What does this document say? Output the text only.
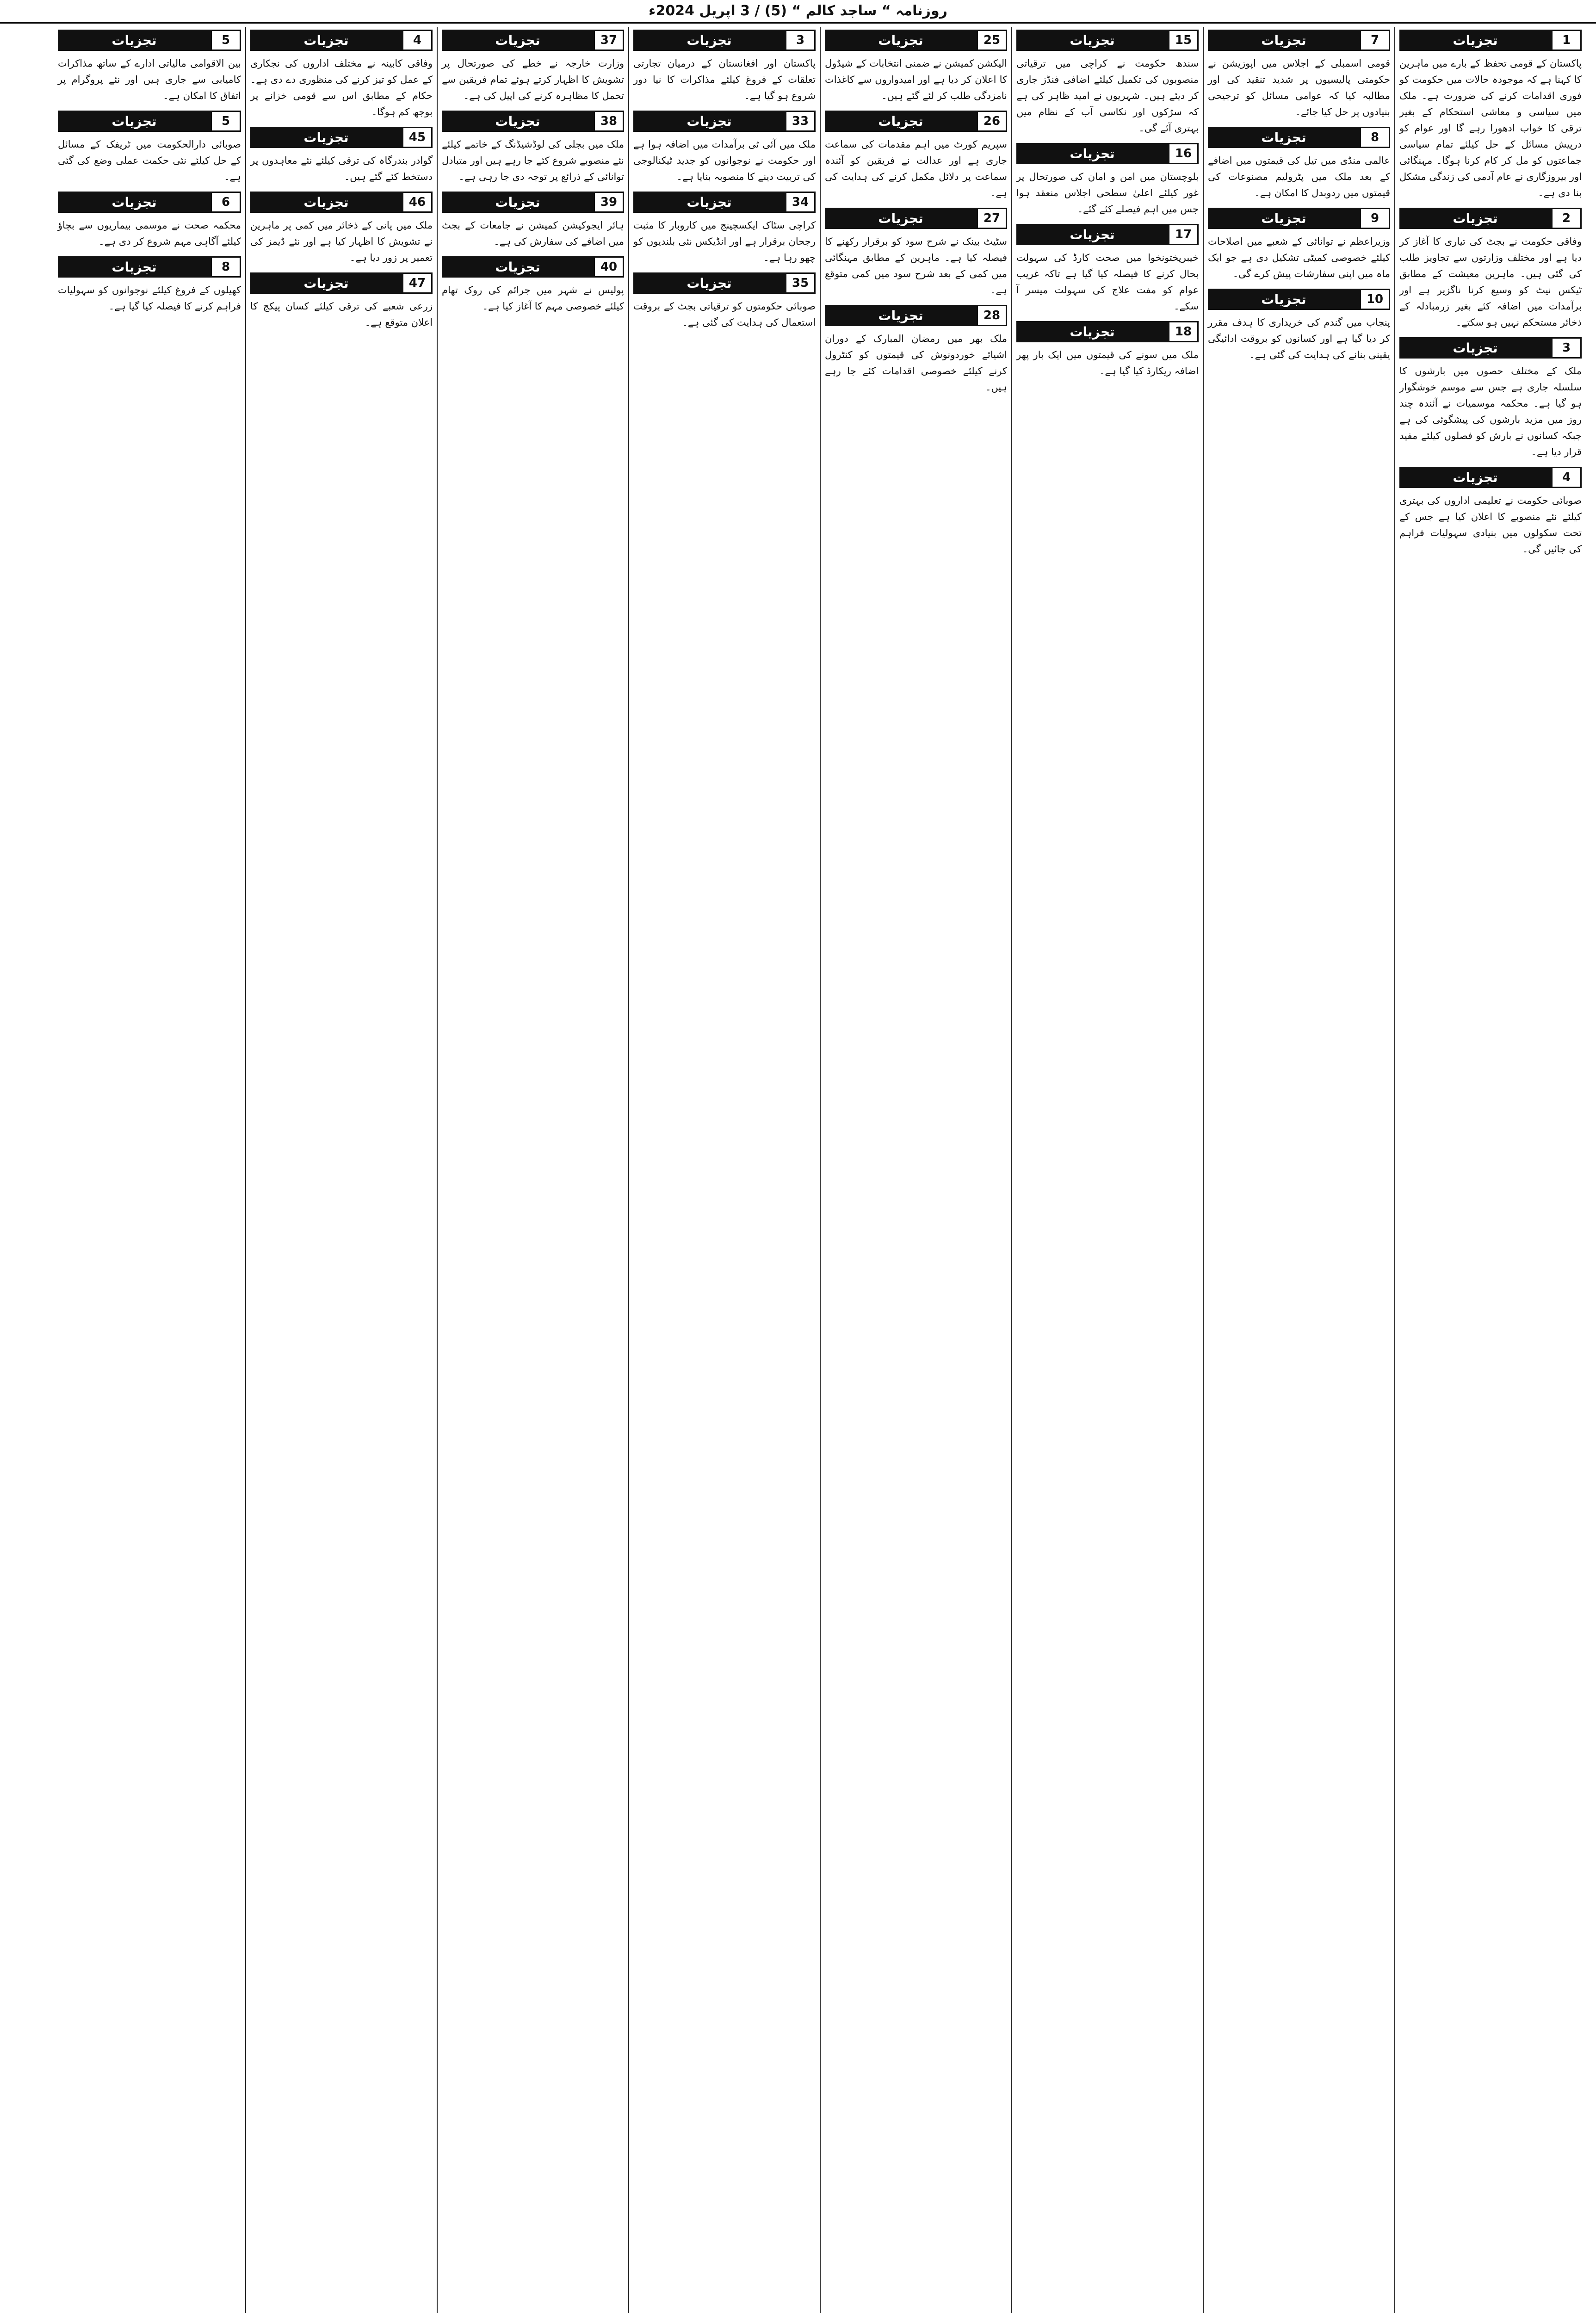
روزنامہ “ ساجد کالم “ (5) / 3 اپریل 2024ء
1
تجزیات

پاکستان کے قومی تحفظ کے بارے میں ماہرین کا کہنا ہے کہ موجودہ حالات میں حکومت کو فوری اقدامات کرنے کی ضرورت ہے۔ ملک میں سیاسی و معاشی استحکام کے بغیر ترقی کا خواب ادھورا رہے گا اور عوام کو درپیش مسائل کے حل کیلئے تمام سیاسی جماعتوں کو مل کر کام کرنا ہوگا۔ مہنگائی اور بیروزگاری نے عام آدمی کی زندگی مشکل بنا دی ہے۔

2
تجزیات

وفاقی حکومت نے بجٹ کی تیاری کا آغاز کر دیا ہے اور مختلف وزارتوں سے تجاویز طلب کی گئی ہیں۔ ماہرین معیشت کے مطابق ٹیکس نیٹ کو وسیع کرنا ناگزیر ہے اور برآمدات میں اضافہ کئے بغیر زرمبادلہ کے ذخائر مستحکم نہیں ہو سکتے۔

3
تجزیات

ملک کے مختلف حصوں میں بارشوں کا سلسلہ جاری ہے جس سے موسم خوشگوار ہو گیا ہے۔ محکمہ موسمیات نے آئندہ چند روز میں مزید بارشوں کی پیشگوئی کی ہے جبکہ کسانوں نے بارش کو فصلوں کیلئے مفید قرار دیا ہے۔

4
تجزیات

صوبائی حکومت نے تعلیمی اداروں کی بہتری کیلئے نئے منصوبے کا اعلان کیا ہے جس کے تحت سکولوں میں بنیادی سہولیات فراہم کی جائیں گی۔

7
تجزیات

قومی اسمبلی کے اجلاس میں اپوزیشن نے حکومتی پالیسیوں پر شدید تنقید کی اور مطالبہ کیا کہ عوامی مسائل کو ترجیحی بنیادوں پر حل کیا جائے۔

8
تجزیات

عالمی منڈی میں تیل کی قیمتوں میں اضافے کے بعد ملک میں پٹرولیم مصنوعات کی قیمتوں میں ردوبدل کا امکان ہے۔

9
تجزیات

وزیراعظم نے توانائی کے شعبے میں اصلاحات کیلئے خصوصی کمیٹی تشکیل دی ہے جو ایک ماہ میں اپنی سفارشات پیش کرے گی۔

10
تجزیات

پنجاب میں گندم کی خریداری کا ہدف مقرر کر دیا گیا ہے اور کسانوں کو بروقت ادائیگی یقینی بنانے کی ہدایت کی گئی ہے۔

15
تجزیات

سندھ حکومت نے کراچی میں ترقیاتی منصوبوں کی تکمیل کیلئے اضافی فنڈز جاری کر دیئے ہیں۔ شہریوں نے امید ظاہر کی ہے کہ سڑکوں اور نکاسی آب کے نظام میں بہتری آئے گی۔

16
تجزیات

بلوچستان میں امن و امان کی صورتحال پر غور کیلئے اعلیٰ سطحی اجلاس منعقد ہوا جس میں اہم فیصلے کئے گئے۔

17
تجزیات

خیبرپختونخوا میں صحت کارڈ کی سہولت بحال کرنے کا فیصلہ کیا گیا ہے تاکہ غریب عوام کو مفت علاج کی سہولت میسر آ سکے۔

18
تجزیات

ملک میں سونے کی قیمتوں میں ایک بار پھر اضافہ ریکارڈ کیا گیا ہے۔

25
تجزیات

الیکشن کمیشن نے ضمنی انتخابات کے شیڈول کا اعلان کر دیا ہے اور امیدواروں سے کاغذات نامزدگی طلب کر لئے گئے ہیں۔

26
تجزیات

سپریم کورٹ میں اہم مقدمات کی سماعت جاری ہے اور عدالت نے فریقین کو آئندہ سماعت پر دلائل مکمل کرنے کی ہدایت کی ہے۔

27
تجزیات

سٹیٹ بینک نے شرح سود کو برقرار رکھنے کا فیصلہ کیا ہے۔ ماہرین کے مطابق مہنگائی میں کمی کے بعد شرح سود میں کمی متوقع ہے۔

28
تجزیات

ملک بھر میں رمضان المبارک کے دوران اشیائے خوردونوش کی قیمتوں کو کنٹرول کرنے کیلئے خصوصی اقدامات کئے جا رہے ہیں۔

3
تجزیات

پاکستان اور افغانستان کے درمیان تجارتی تعلقات کے فروغ کیلئے مذاکرات کا نیا دور شروع ہو گیا ہے۔

33
تجزیات

ملک میں آئی ٹی برآمدات میں اضافہ ہوا ہے اور حکومت نے نوجوانوں کو جدید ٹیکنالوجی کی تربیت دینے کا منصوبہ بنایا ہے۔

34
تجزیات

کراچی سٹاک ایکسچینج میں کاروبار کا مثبت رجحان برقرار ہے اور انڈیکس نئی بلندیوں کو چھو رہا ہے۔

35
تجزیات

صوبائی حکومتوں کو ترقیاتی بجٹ کے بروقت استعمال کی ہدایت کی گئی ہے۔

37
تجزیات

وزارت خارجہ نے خطے کی صورتحال پر تشویش کا اظہار کرتے ہوئے تمام فریقین سے تحمل کا مظاہرہ کرنے کی اپیل کی ہے۔

38
تجزیات

ملک میں بجلی کی لوڈشیڈنگ کے خاتمے کیلئے نئے منصوبے شروع کئے جا رہے ہیں اور متبادل توانائی کے ذرائع پر توجہ دی جا رہی ہے۔

39
تجزیات

ہائر ایجوکیشن کمیشن نے جامعات کے بجٹ میں اضافے کی سفارش کی ہے۔

40
تجزیات

پولیس نے شہر میں جرائم کی روک تھام کیلئے خصوصی مہم کا آغاز کیا ہے۔

4
تجزیات

وفاقی کابینہ نے مختلف اداروں کی نجکاری کے عمل کو تیز کرنے کی منظوری دے دی ہے۔ حکام کے مطابق اس سے قومی خزانے پر بوجھ کم ہوگا۔

45
تجزیات

گوادر بندرگاہ کی ترقی کیلئے نئے معاہدوں پر دستخط کئے گئے ہیں۔

46
تجزیات

ملک میں پانی کے ذخائر میں کمی پر ماہرین نے تشویش کا اظہار کیا ہے اور نئے ڈیمز کی تعمیر پر زور دیا ہے۔

47
تجزیات

زرعی شعبے کی ترقی کیلئے کسان پیکج کا اعلان متوقع ہے۔

5
تجزیات

بین الاقوامی مالیاتی ادارے کے ساتھ مذاکرات کامیابی سے جاری ہیں اور نئے پروگرام پر اتفاق کا امکان ہے۔

5
تجزیات

صوبائی دارالحکومت میں ٹریفک کے مسائل کے حل کیلئے نئی حکمت عملی وضع کی گئی ہے۔

6
تجزیات

محکمہ صحت نے موسمی بیماریوں سے بچاؤ کیلئے آگاہی مہم شروع کر دی ہے۔

8
تجزیات

کھیلوں کے فروغ کیلئے نوجوانوں کو سہولیات فراہم کرنے کا فیصلہ کیا گیا ہے۔
